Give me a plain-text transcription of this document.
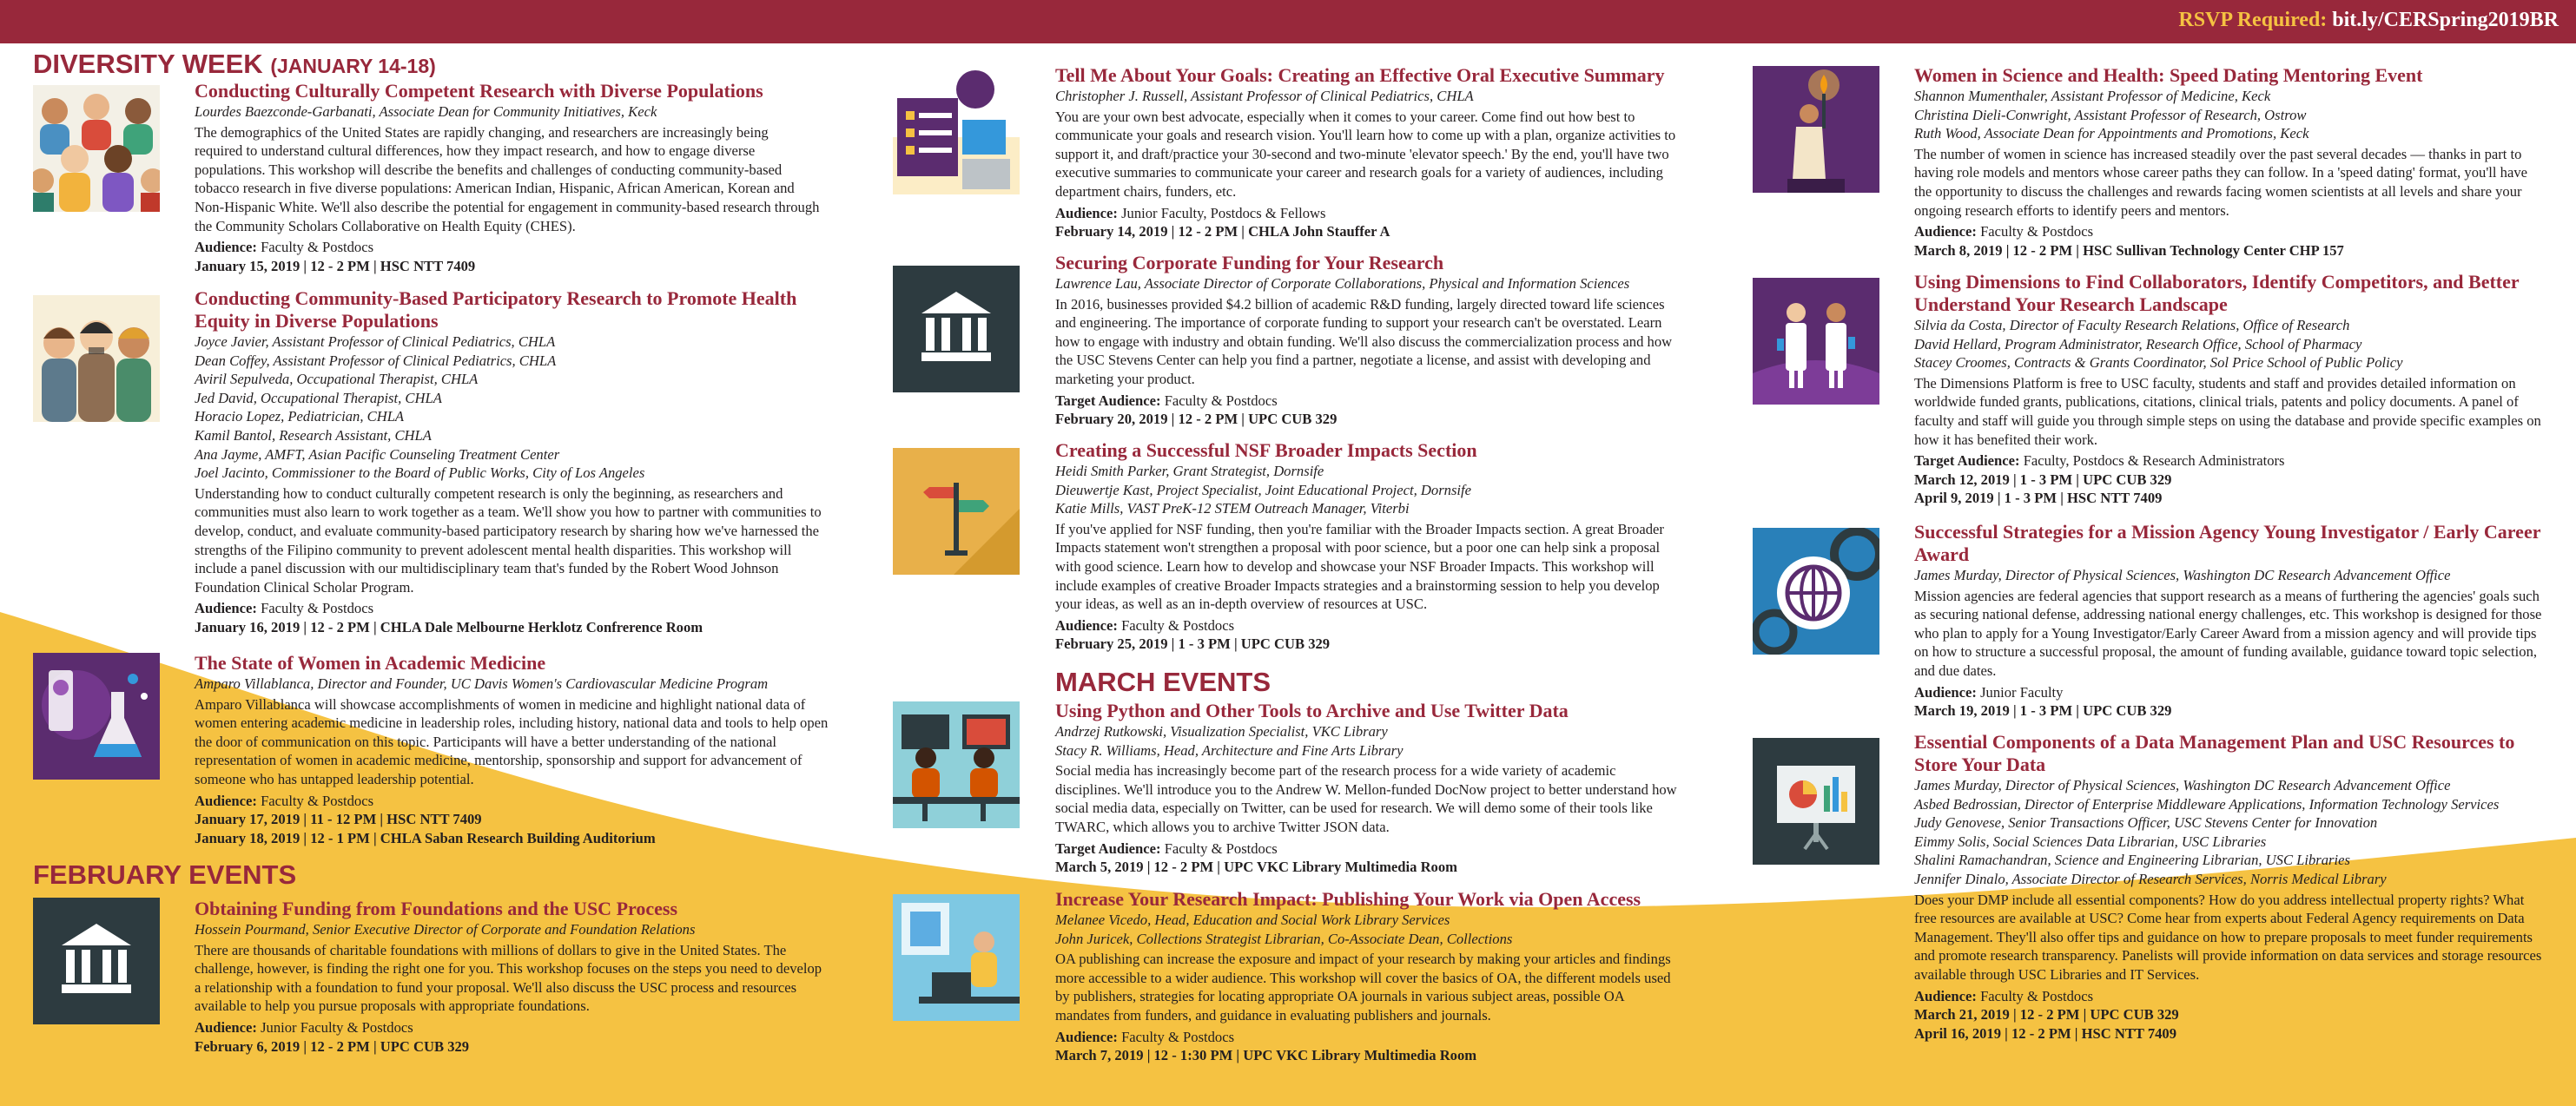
RSVP Required: bit.ly/CERSpring2019BR
DIVERSITY WEEK (JANUARY 14-18)
FEBRUARY EVENTS
MARCH EVENTS
Conducting Culturally Competent Research with Diverse Populations
Lourdes Baezconde-Garbanati, Associate Dean for Community Initiatives, Keck
The demographics of the United States are rapidly changing, and researchers are increasingly being required to understand cultural differences, how they impact research, and how to engage diverse populations. This workshop will describe the benefits and challenges of conducting community-based tobacco research in five diverse populations: American Indian, Hispanic, African American, Korean and Non-Hispanic White. We'll also describe the potential for engagement in community-based research through the Community Scholars Collaborative on Health Equity (CHES).
Audience: Faculty & Postdocs
January 15, 2019 | 12 - 2 PM | HSC NTT 7409
Conducting Community-Based Participatory Research to Promote Health Equity in Diverse Populations
Joyce Javier, Assistant Professor of Clinical Pediatrics, CHLA
Dean Coffey, Assistant Professor of Clinical Pediatrics, CHLA
Aviril Sepulveda, Occupational Therapist, CHLA
Jed David, Occupational Therapist, CHLA
Horacio Lopez, Pediatrician, CHLA
Kamil Bantol, Research Assistant, CHLA
Ana Jayme, AMFT, Asian Pacific Counseling Treatment Center
Joel Jacinto, Commissioner to the Board of Public Works, City of Los Angeles
Understanding how to conduct culturally competent research is only the beginning, as researchers and communities must also learn to work together as a team. We'll show you how to partner with communities to develop, conduct, and evaluate community-based participatory research by sharing how we've harnessed the strengths of the Filipino community to prevent adolescent mental health disparities. This workshop will include a panel discussion with our multidisciplinary team that's funded by the Robert Wood Johnson Foundation Clinical Scholar Program.
Audience: Faculty & Postdocs
January 16, 2019 | 12 - 2 PM | CHLA Dale Melbourne Herklotz Confrerence Room
The State of Women in Academic Medicine
Amparo Villablanca, Director and Founder, UC Davis Women's Cardiovascular Medicine Program
Amparo Villablanca will showcase accomplishments of women in medicine and highlight national data of women entering academic medicine in leadership roles, including history, national data and tools to help open the door of communication on this topic. Participants will have a better understanding of the national representation of women in academic medicine, mentorship, sponsorship and support for advancement of someone who has untapped leadership potential.
Audience: Faculty & Postdocs
January 17, 2019 | 11 - 12 PM | HSC NTT 7409
January 18, 2019 | 12 - 1 PM | CHLA Saban Research Building Auditorium
Obtaining Funding from Foundations and the USC Process
Hossein Pourmand, Senior Executive Director of Corporate and Foundation Relations
There are thousands of charitable foundations with millions of dollars to give in the United States. The challenge, however, is finding the right one for you. This workshop focuses on the steps you need to develop a relationship with a foundation to fund your proposal. We'll also discuss the USC process and resources available to help you pursue proposals with appropriate foundations.
Audience: Junior Faculty & Postdocs
February 6, 2019 | 12 - 2 PM | UPC CUB 329
Tell Me About Your Goals: Creating an Effective Oral Executive Summary
Christopher J. Russell, Assistant Professor of Clinical Pediatrics, CHLA
You are your own best advocate, especially when it comes to your career. Come find out how best to communicate your goals and research vision. You'll learn how to come up with a plan, organize activities to support it, and draft/practice your 30-second and two-minute 'elevator speech.' By the end, you'll have two executive summaries to communicate your career and research goals for a variety of audiences, including department chairs, funders, etc.
Audience: Junior Faculty, Postdocs & Fellows
February 14, 2019 | 12 - 2 PM | CHLA John Stauffer A
Securing Corporate Funding for Your Research
Lawrence Lau, Associate Director of Corporate Collaborations, Physical and Information Sciences
In 2016, businesses provided $4.2 billion of academic R&D funding, largely directed toward life sciences and engineering. The importance of corporate funding to support your research can't be overstated. Learn how to engage with industry and obtain funding. We'll also discuss the commercialization process and how the USC Stevens Center can help you find a partner, negotiate a license, and assist with developing and marketing your product.
Target Audience: Faculty & Postdocs
February 20, 2019 | 12 - 2 PM | UPC CUB 329
Creating a Successful NSF Broader Impacts Section
Heidi Smith Parker, Grant Strategist, Dornsife
Dieuwertje Kast, Project Specialist, Joint Educational Project, Dornsife
Katie Mills, VAST PreK-12 STEM Outreach Manager, Viterbi
If you've applied for NSF funding, then you're familiar with the Broader Impacts section. A great Broader Impacts statement won't strengthen a proposal with poor science, but a poor one can help sink a proposal with good science. Learn how to develop and showcase your NSF Broader Impacts. This workshop will include examples of creative Broader Impacts strategies and a brainstorming session to help you develop your ideas, as well as an in-depth overview of resources at USC.
Audience: Faculty & Postdocs
February 25, 2019 | 1 - 3 PM | UPC CUB 329
Using Python and Other Tools to Archive and Use Twitter Data
Andrzej Rutkowski, Visualization Specialist, VKC Library
Stacy R. Williams, Head, Architecture and Fine Arts Library
Social media has increasingly become part of the research process for a wide variety of academic disciplines. We'll introduce you to the Andrew W. Mellon-funded DocNow project to better understand how social media data, especially on Twitter, can be used for research. We will demo some of their tools like TWARC, which allows you to archive Twitter JSON data.
Target Audience: Faculty & Postdocs
March 5, 2019 | 12 - 2 PM | UPC VKC Library Multimedia Room
Increase Your Research Impact: Publishing Your Work via Open Access
Melanee Vicedo, Head, Education and Social Work Library Services
John Juricek, Collections Strategist Librarian, Co-Associate Dean, Collections
OA publishing can increase the exposure and impact of your research by making your articles and findings more accessible to a wider audience. This workshop will cover the basics of OA, the different models used by publishers, strategies for locating appropriate OA journals in various subject areas, possible OA mandates from funders, and guidance in evaluating publishers and journals.
Audience: Faculty & Postdocs
March 7, 2019 | 12 - 1:30 PM | UPC VKC Library Multimedia Room
Women in Science and Health: Speed Dating Mentoring Event
Shannon Mumenthaler, Assistant Professor of Medicine, Keck
Christina Dieli-Conwright, Assistant Professor of Research, Ostrow
Ruth Wood, Associate Dean for Appointments and Promotions, Keck
The number of women in science has increased steadily over the past several decades — thanks in part to having role models and mentors whose career paths they can follow. In a 'speed dating' format, you'll have the opportunity to discuss the challenges and rewards facing women scientists at all levels and share your ongoing research efforts to identify peers and mentors.
Audience: Faculty & Postdocs
March 8, 2019 | 12 - 2 PM | HSC Sullivan Technology Center CHP 157
Using Dimensions to Find Collaborators, Identify Competitors, and Better Understand Your Research Landscape
Silvia da Costa, Director of Faculty Research Relations, Office of Research
David Hellard, Program Administrator, Research Office, School of Pharmacy
Stacey Croomes, Contracts & Grants Coordinator, Sol Price School of Public Policy
The Dimensions Platform is free to USC faculty, students and staff and provides detailed information on worldwide funded grants, publications, citations, clinical trials, patents and policy documents. A panel of faculty and staff will guide you through simple steps on using the database and provide specific examples on how it has benefited their work.
Target Audience: Faculty, Postdocs & Research Administrators
March 12, 2019 | 1 - 3 PM | UPC CUB 329
April 9, 2019 | 1 - 3 PM | HSC NTT 7409
Successful Strategies for a Mission Agency Young Investigator / Early Career Award
James Murday, Director of Physical Sciences, Washington DC Research Advancement Office
Mission agencies are federal agencies that support research as a means of furthering the agencies' goals such as securing national defense, addressing national energy challenges, etc. This workshop is designed for those who plan to apply for a Young Investigator/Early Career Award from a mission agency and will provide tips on how to structure a successful proposal, the amount of funding available, guidance toward topic selection, and due dates.
Audience: Junior Faculty
March 19, 2019 | 1 - 3 PM | UPC CUB 329
Essential Components of a Data Management Plan and USC Resources to Store Your Data
James Murday, Director of Physical Sciences, Washington DC Research Advancement Office
Asbed Bedrossian, Director of Enterprise Middleware Applications, Information Technology Services
Judy Genovese, Senior Transactions Officer, USC Stevens Center for Innovation
Eimmy Solis, Social Sciences Data Librarian, USC Libraries
Shalini Ramachandran, Science and Engineering Librarian, USC Libraries
Jennifer Dinalo, Associate Director of Research Services, Norris Medical Library
Does your DMP include all essential components? How do you address intellectual property rights? What free resources are available at USC? Come hear from experts about Federal Agency requirements on Data Management. They'll also offer tips and guidance on how to prepare proposals to meet funder requirements and promote research transparency. Panelists will provide information on data services and storage resources available through USC Libraries and IT Services.
Audience: Faculty & Postdocs
March 21, 2019 | 12 - 2 PM | UPC CUB 329
April 16, 2019 | 12 - 2 PM | HSC NTT 7409
